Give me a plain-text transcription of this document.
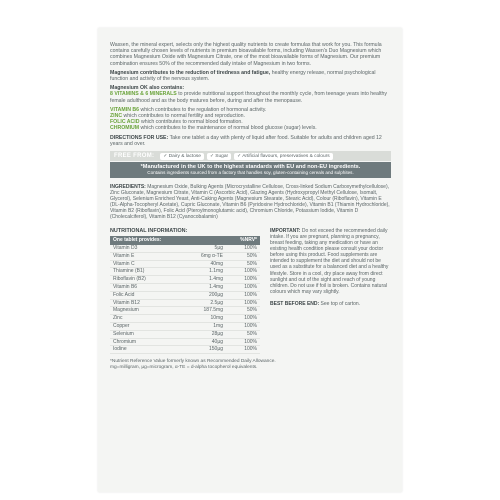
Wassen, the mineral expert, selects only the highest quality nutrients to create formulas that work for you. This formula contains carefully chosen levels of nutrients in premium bioavailable forms, including Wassen's Duo Magnesium which combines Magnesium Oxide with Magnesium Citrate, one of the most bioavailable forms of Magnesium. Our premium combination ensures 50% of the recommended daily intake of Magnesium in two forms.

Magnesium contributes to the reduction of tiredness and fatigue, healthy energy release, normal psychological function and activity of the nervous system.

Magnesium OK also contains:

8 VITAMINS & 6 MINERALS to provide nutritional support throughout the monthly cycle, from teenage years into healthy female adulthood and as the body matures before, during and after the menopause.

VITAMIN B6 which contributes to the regulation of hormonal activity.

ZINC which contributes to normal fertility and reproduction.

FOLIC ACID which contributes to normal blood formation.

CHROMIUM which contributes to the maintenance of normal blood glucose (sugar) levels.

DIRECTIONS FOR USE: Take one tablet a day with plenty of liquid after food. Suitable for adults and children aged 12 years and over.

FREE FROM:	✓ Dairy & lactose	✓ Sugar	✓ Artificial flavours, preservatives & colours
*Manufactured in the UK to the highest standards with EU and non-EU ingredients.
Contains ingredients sourced from a factory that handles soy, gluten-containing cereals and sulphites.

INGREDIENTS: Magnesium Oxide, Bulking Agents (Microcrystalline Cellulose, Cross-linked Sodium Carboxymethylcellulose), Zinc Gluconate, Magnesium Citrate, Vitamin C (Ascorbic Acid), Glazing Agents (Hydroxypropyl Methyl Cellulose, Isomalt, Glycerol), Selenium Enriched Yeast, Anti-Caking Agents (Magnesium Stearate, Stearic Acid), Colour (Riboflavin), Vitamin E (DL-Alpha-Tocopheryl Acetate), Cupric Gluconate, Vitamin B6 (Pyridoxine Hydrochloride), Vitamin B1 (Thiamin Hydrochloride), Vitamin B2 (Riboflavin), Folic Acid (Pteroylmonoglutamic acid), Chromium Chloride, Potassium Iodide, Vitamin D (Cholecalciferol), Vitamin B12 (Cyanocobalamin)

NUTRITIONAL INFORMATION:
One tablet provides:		%NRV*
Vitamin D3	5µg	100%
Vitamin E	6mg α-TE	50%
Vitamin C	40mg	50%
Thiamine (B1)	1.1mg	100%
Riboflavin (B2)	1.4mg	100%
Vitamin B6	1.4mg	100%
Folic Acid	200µg	100%
Vitamin B12	2.5µg	100%
Magnesium	187.5mg	50%
Zinc	10mg	100%
Copper	1mg	100%
Selenium	28µg	50%
Chromium	40µg	100%
Iodine	150µg	100%
*Nutrient Reference Value formerly known as Recommended Daily Allowance. mg=milligram, µg=microgram, α-TE = d-alpha tocopherol equivalents.

IMPORTANT: Do not exceed the recommended daily intake. If you are pregnant, planning a pregnancy, breast feeding, taking any medication or have an existing health condition please consult your doctor before using this product. Food supplements are intended to supplement the diet and should not be used as a substitute for a balanced diet and a healthy lifestyle. Store in a cool, dry place away from direct sunlight and out of the sight and reach of young children. Do not use if foil is broken. Contains natural colours which may vary slightly.

BEST BEFORE END: See top of carton.
